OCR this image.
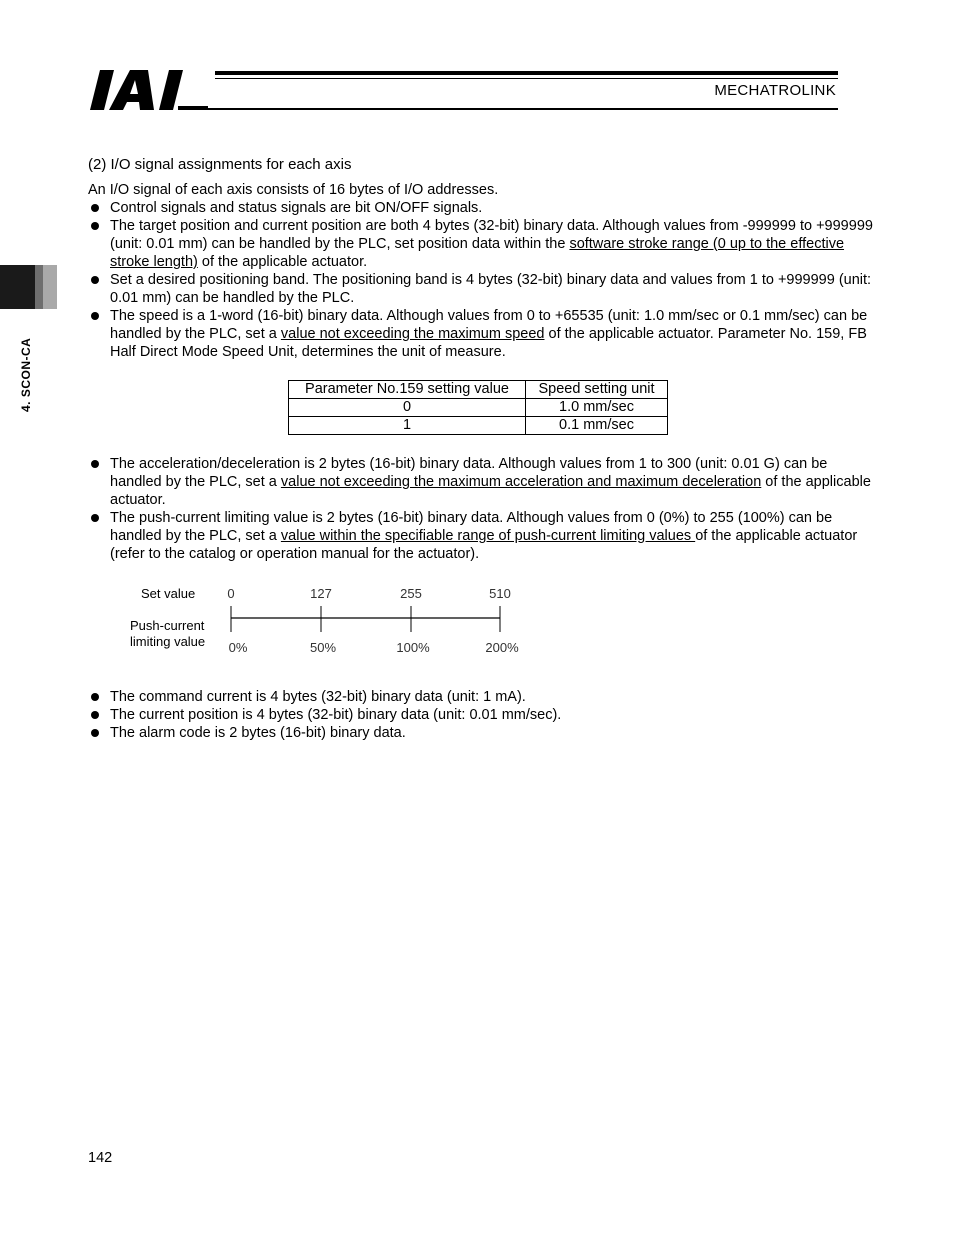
MECHATROLINK
4. SCON-CA
(2) I/O signal assignments for each axis

An I/O signal of each axis consists of 16 bytes of I/O addresses.

Control signals and status signals are bit ON/OFF signals.
The target position and current position are both 4 bytes (32-bit) binary data. Although values from -999999 to +999999 (unit: 0.01 mm) can be handled by the PLC, set position data within the software stroke range (0 up to the effective stroke length) of the applicable actuator.
Set a desired positioning band. The positioning band is 4 bytes (32-bit) binary data and values from 1 to +999999 (unit: 0.01 mm) can be handled by the PLC.
The speed is a 1-word (16-bit) binary data. Although values from 0 to +65535 (unit: 1.0 mm/sec or 0.1 mm/sec) can be handled by the PLC, set a value not exceeding the maximum speed of the applicable actuator. Parameter No. 159, FB Half Direct Mode Speed Unit, determines the unit of measure.
Parameter No.159 setting value	Speed setting unit
0	1.0 mm/sec
1	0.1 mm/sec
The acceleration/deceleration is 2 bytes (16-bit) binary data. Although values from 1 to 300 (unit: 0.01 G) can be handled by the PLC, set a value not exceeding the maximum acceleration and maximum deceleration of the applicable actuator.
The push-current limiting value is 2 bytes (16-bit) binary data. Although values from 0 (0%) to 255 (100%) can be handled by the PLC, set a value within the specifiable range of push-current limiting values of the applicable actuator (refer to the catalog or operation manual for the actuator).
Set value
Push-current
limiting value
0	127	255	510
0%	50%	100%	200%
The command current is 4 bytes (32-bit) binary data (unit: 1 mA).
The current position is 4 bytes (32-bit) binary data (unit: 0.01 mm/sec).
The alarm code is 2 bytes (16-bit) binary data.
142
